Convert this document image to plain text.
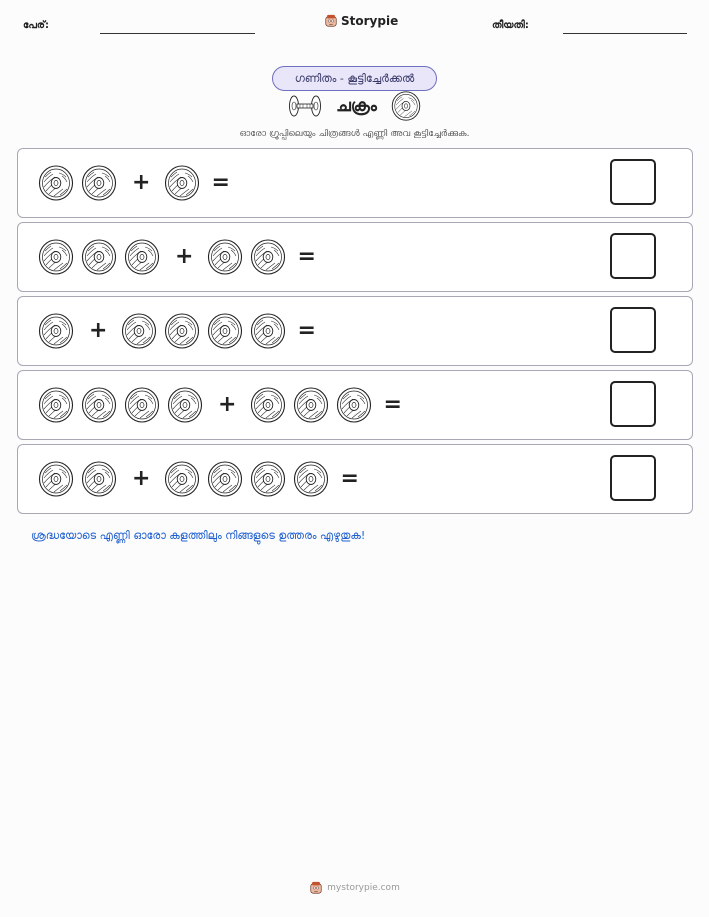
പേര്:	Storypie	തീയതി:
ഗണിതം - കൂട്ടിച്ചേർക്കൽ
ചക്രം
ഓരോ ഗ്രൂപ്പിലെയും ചിത്രങ്ങൾ എണ്ണി അവ കൂട്ടിച്ചേർക്കുക.
+	=
+	=
+	=
+	=
+	=
ശ്രദ്ധയോടെ എണ്ണി ഓരോ കളത്തിലും നിങ്ങളുടെ ഉത്തരം എഴുതുക!
mystorypie.com
